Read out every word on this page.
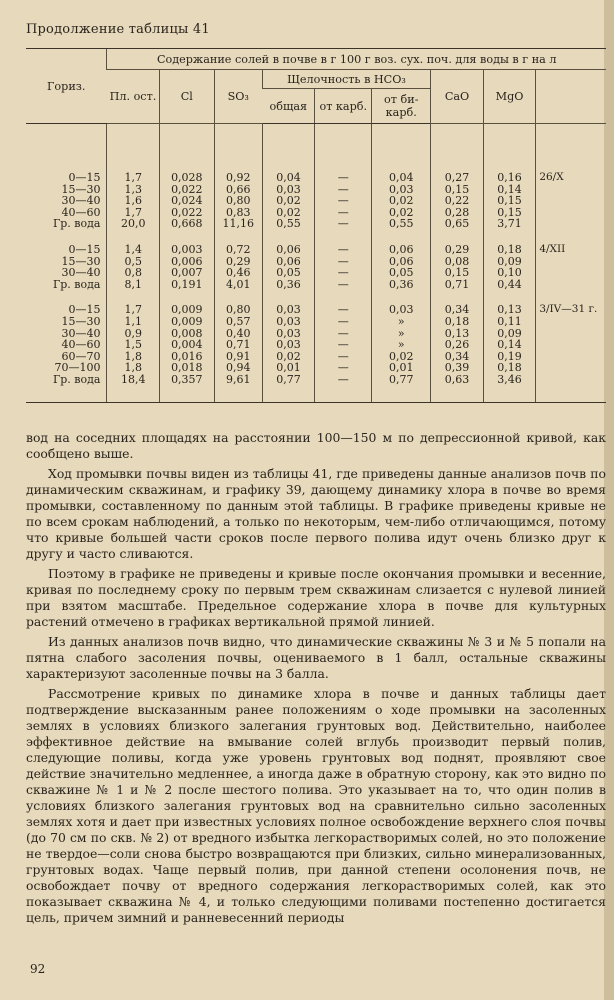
Продолжение таблицы 41
Гориз.	Содержание солей в почве в г 100 г воз. сух. поч. для воды в г на л								
	Пл. ост.	Cl	SO₃	Щелочность в HCO₃			CaO	MgO	
				общая	от карб.	от би- карб.			

0—15	1,7	0,028	0,92	0,04	—	0,04	0,27	0,16	26/X
15—30	1,3	0,022	0,66	0,03	—	0,03	0,15	0,14	
30—40	1,6	0,024	0,80	0,02	—	0,02	0,22	0,15	
40—60	1,7	0,022	0,83	0,02	—	0,02	0,28	0,15	
Гр. вода	20,0	0,668	11,16	0,55	—	0,55	0,65	3,71	

0—15	1,4	0,003	0,72	0,06	—	0,06	0,29	0,18	4/XII
15—30	0,5	0,006	0,29	0,06	—	0,06	0,08	0,09	
30—40	0,8	0,007	0,46	0,05	—	0,05	0,15	0,10	
Гр. вода	8,1	0,191	4,01	0,36	—	0,36	0,71	0,44	

0—15	1,7	0,009	0,80	0,03	—	0,03	0,34	0,13	3/IV—31 г.
15—30	1,1	0,009	0,57	0,03	—	»	0,18	0,11	
30—40	0,9	0,008	0,40	0,03	—	»	0,13	0,09	
40—60	1,5	0,004	0,71	0,03	—	»	0,26	0,14	
60—70	1,8	0,016	0,91	0,02	—	0,02	0,34	0,19	
70—100	1,8	0,018	0,94	0,01	—	0,01	0,39	0,18	
Гр. вода	18,4	0,357	9,61	0,77	—	0,77	0,63	3,46	

вод на соседних площадях на расстоянии 100—150 м по депрессионной кривой, как сообщено выше.

Ход промывки почвы виден из таблицы 41, где приведены данные анализов почв по динамическим скважинам, и графику 39, дающему динамику хлора в почве во время промывки, составленному по данным этой таблицы. В графике приведены кривые не по всем срокам наблюдений, а только по некоторым, чем-либо отличающимся, потому что кривые большей части сроков после первого полива идут очень близко друг к другу и часто сливаются.

Поэтому в графике не приведены и кривые после окончания промывки и весенние, кривая по последнему сроку по первым трем скважинам слизается с нулевой линией при взятом масштабе. Предельное содержание хлора в почве для культурных растений отмечено в графиках вертикальной прямой линией.

Из данных анализов почв видно, что динамические скважины № 3 и № 5 попали на пятна слабого засоления почвы, оцениваемого в 1 балл, остальные скважины характеризуют засоленные почвы на 3 балла.

Рассмотрение кривых по динамике хлора в почве и данных таблицы дает подтверждение высказанным ранее положениям о ходе промывки на засоленных землях в условиях близкого залегания грунтовых вод. Действительно, наиболее эффективное действие на вмывание солей вглубь производит первый полив, следующие поливы, когда уже уровень грунтовых вод поднят, проявляют свое действие значительно медленнее, а иногда даже в обратную сторону, как это видно по скважине № 1 и № 2 после шестого полива. Это указывает на то, что один полив в условиях близкого залегания грунтовых вод на сравнительно сильно засоленных землях хотя и дает при известных условиях полное освобождение верхнего слоя почвы (до 70 см по скв. № 2) от вредного избытка легкорастворимых солей, но это положение не твердое—соли снова быстро возвращаются при близких, сильно минерализованных, грунтовых водах. Чаще первый полив, при данной степени осолонения почв, не освобождает почву от вредного содержания легкорастворимых солей, как это показывает скважина № 4, и только следующими поливами постепенно достигается цель, причем зимний и ранневесенний периоды

92
